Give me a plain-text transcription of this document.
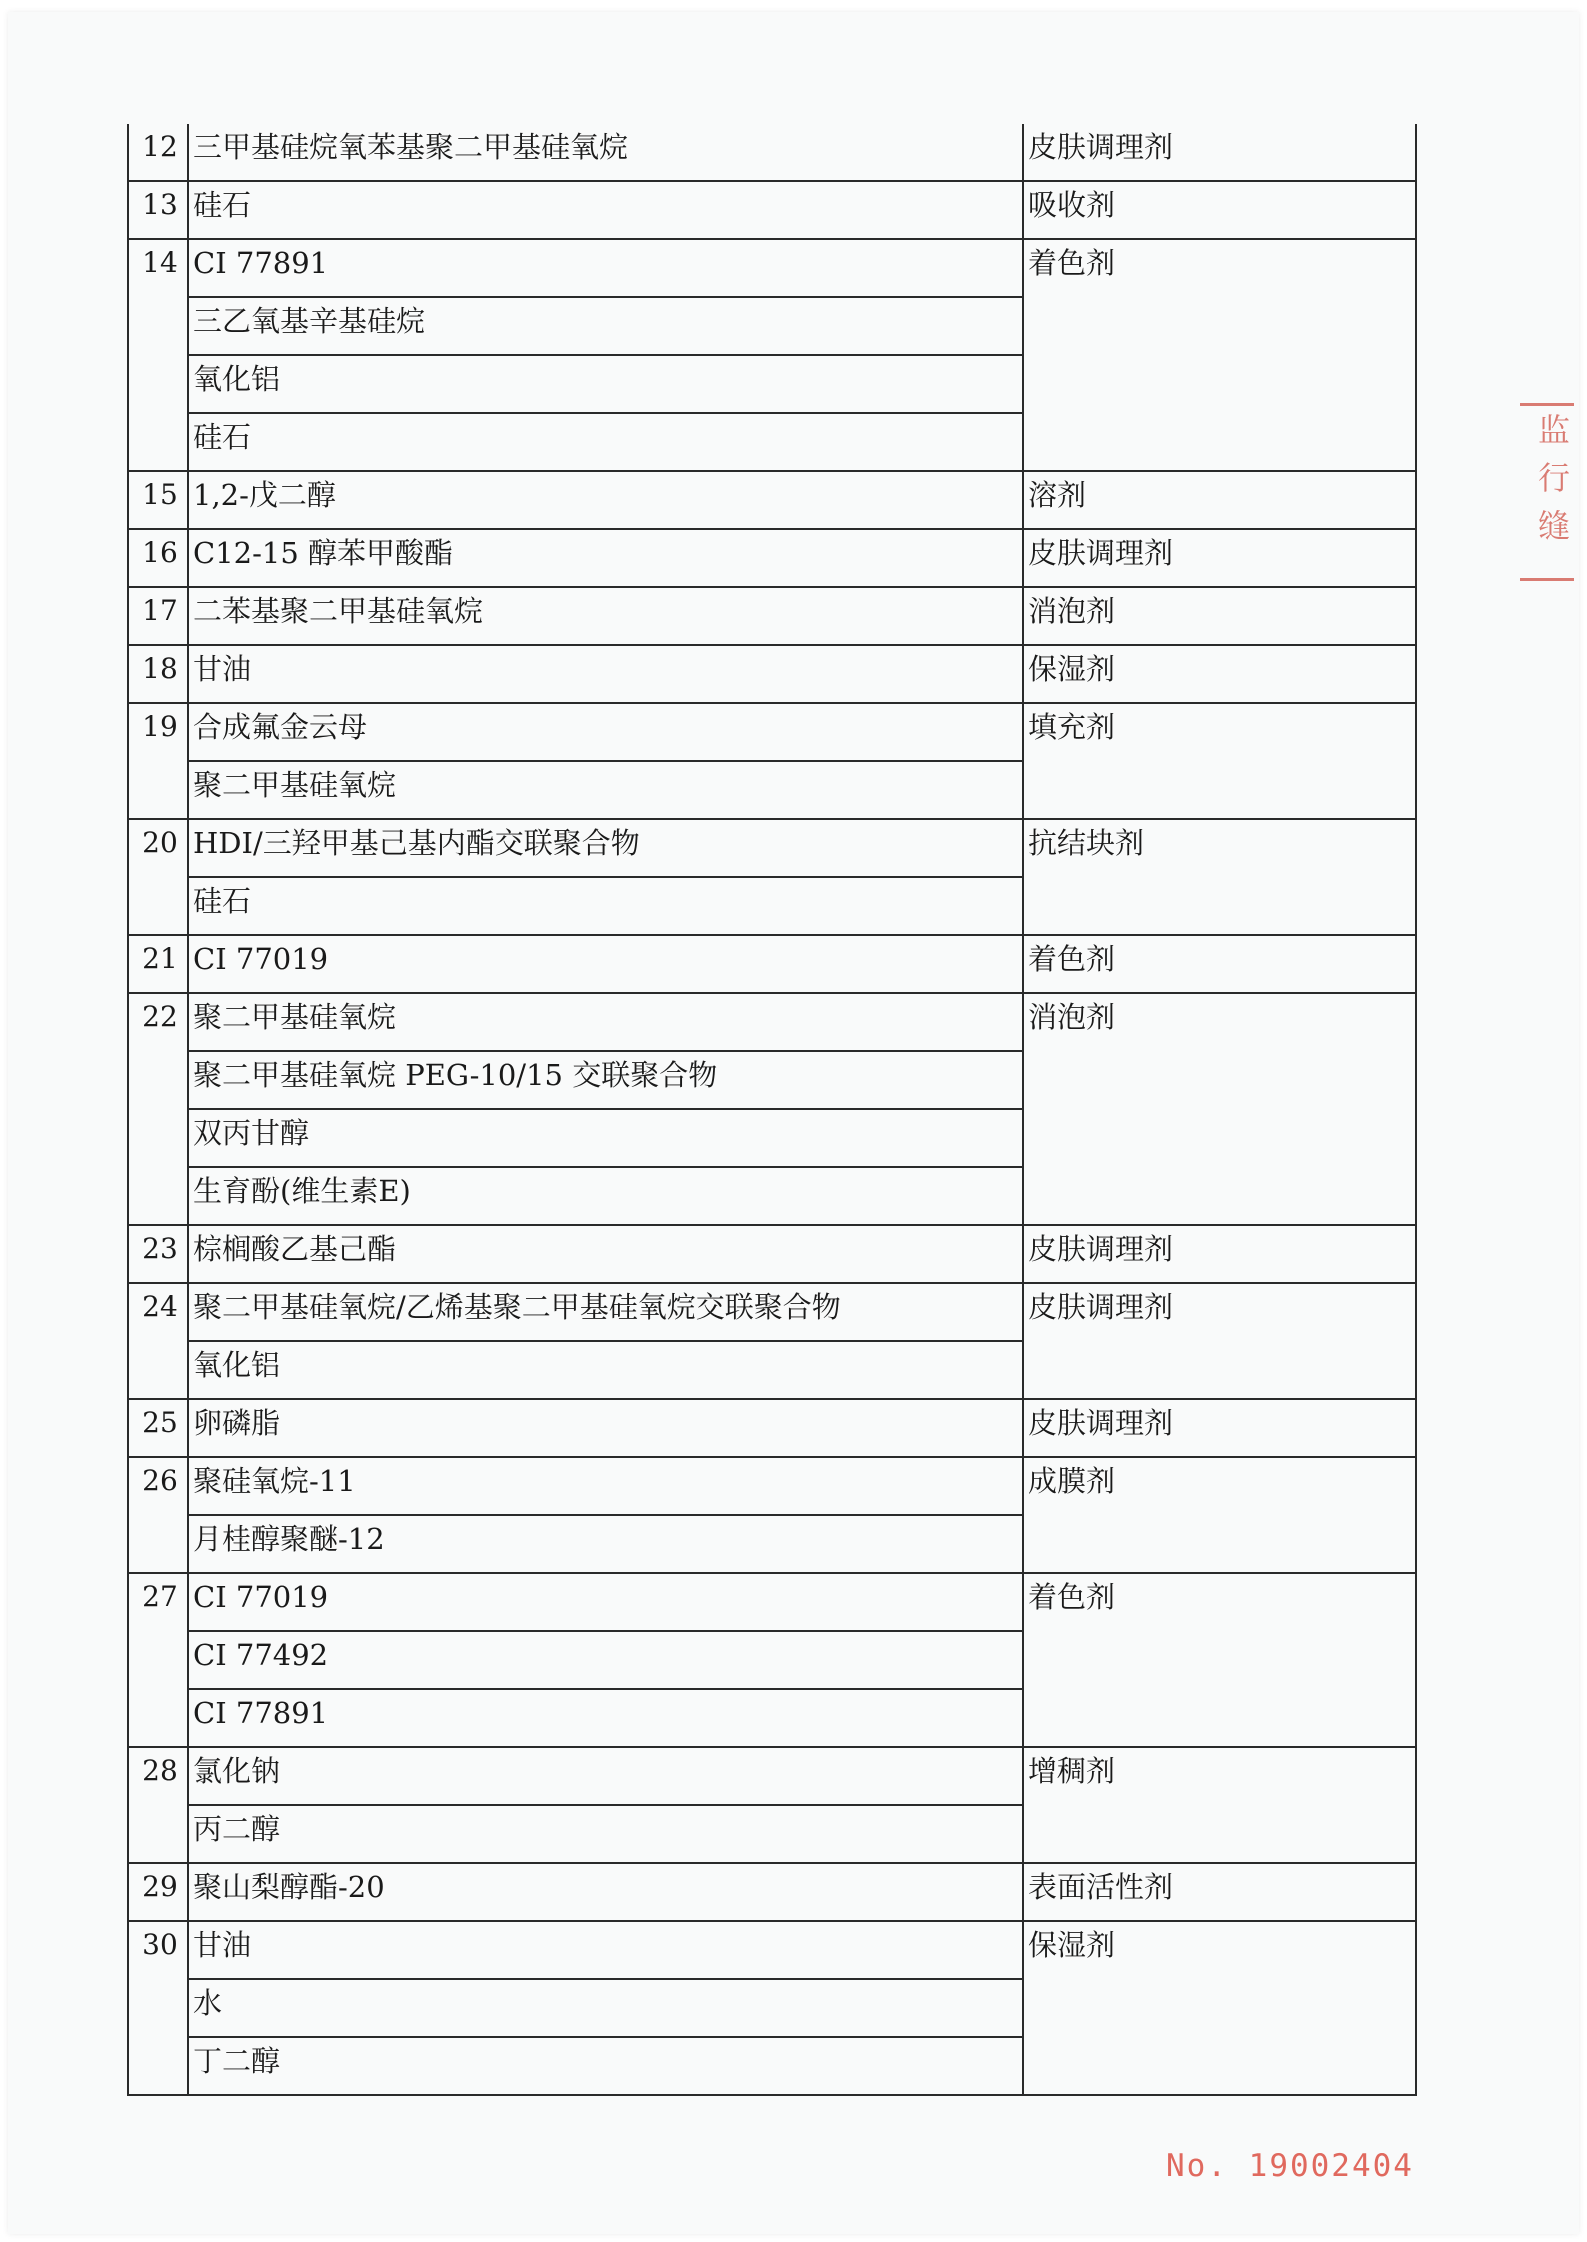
12	三甲基硅烷氧苯基聚二甲基硅氧烷	皮肤调理剂
13	硅石	吸收剂
14	CI 77891	着色剂
	三乙氧基辛基硅烷	
	氧化铝	
	硅石	
15	1,2-戊二醇	溶剂
16	C12-15 醇苯甲酸酯	皮肤调理剂
17	二苯基聚二甲基硅氧烷	消泡剂
18	甘油	保湿剂
19	合成氟金云母	填充剂
	聚二甲基硅氧烷	
20	HDI/三羟甲基己基内酯交联聚合物	抗结块剂
	硅石	
21	CI 77019	着色剂
22	聚二甲基硅氧烷	消泡剂
	聚二甲基硅氧烷 PEG-10/15 交联聚合物	
	双丙甘醇	
	生育酚(维生素E)	
23	棕榈酸乙基己酯	皮肤调理剂
24	聚二甲基硅氧烷/乙烯基聚二甲基硅氧烷交联聚合物	皮肤调理剂
	氧化铝	
25	卵磷脂	皮肤调理剂
26	聚硅氧烷-11	成膜剂
	月桂醇聚醚-12	
27	CI 77019	着色剂
	CI 77492	
	CI 77891	
28	氯化钠	增稠剂
	丙二醇	
29	聚山梨醇酯-20	表面活性剂
30	甘油	保湿剂
	水	
	丁二醇	
监
行
缝
No. 19002404
